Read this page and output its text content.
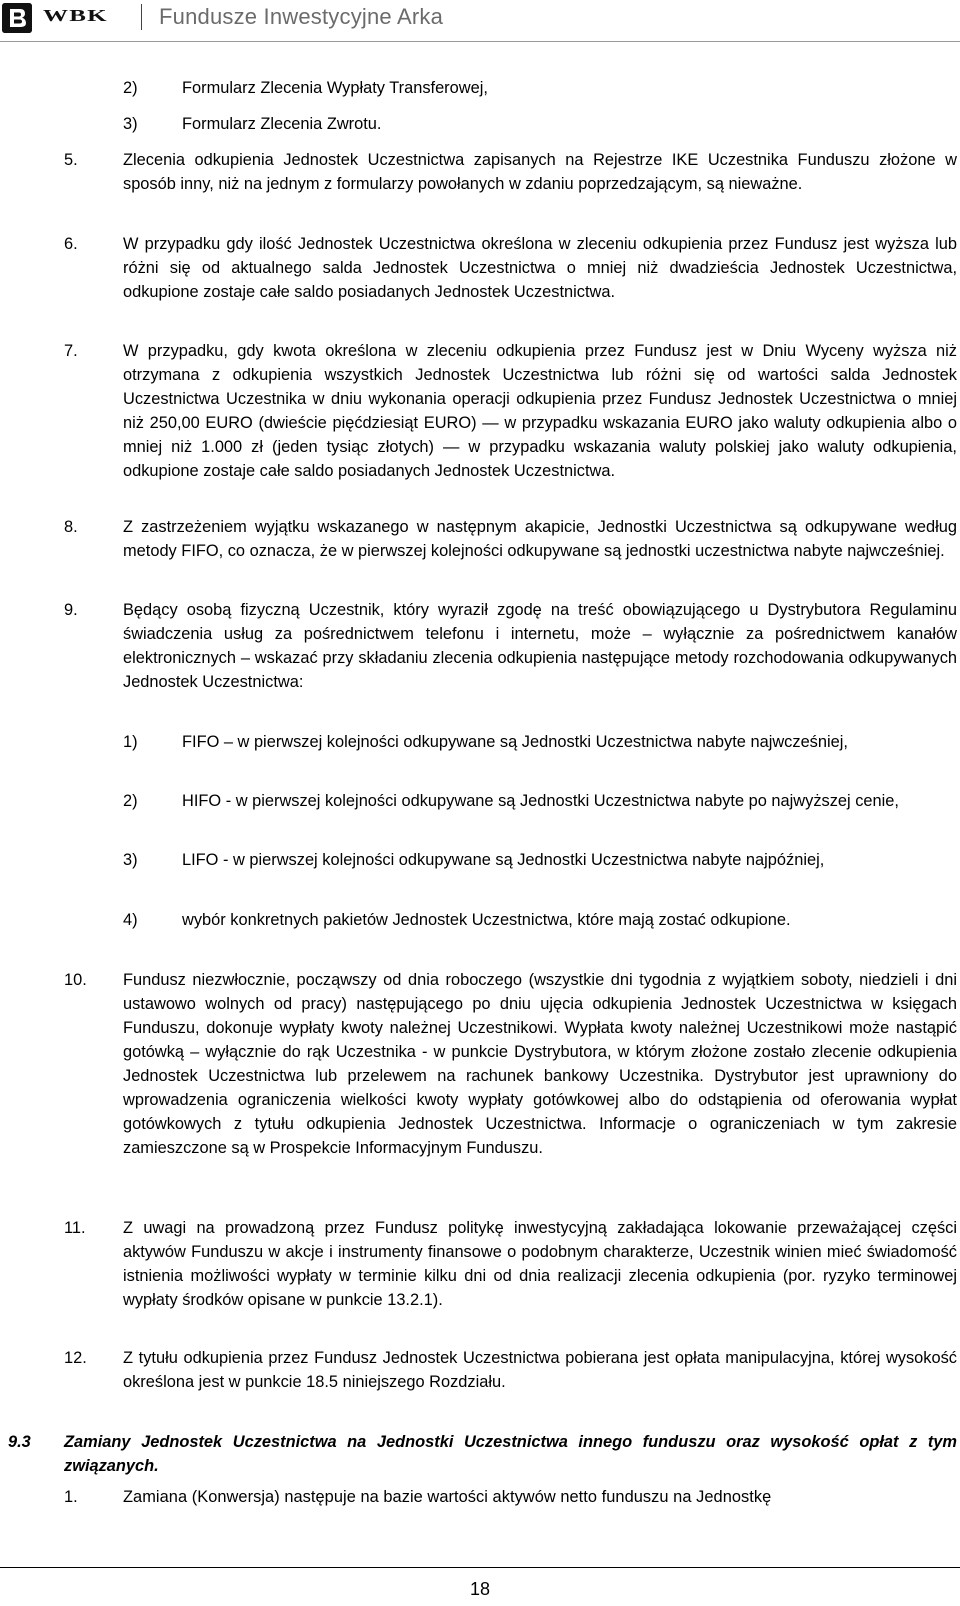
WBK Fundusze Inwestycyjne Arka
2)	Formularz Zlecenia Wypłaty Transferowej,
3)	Formularz Zlecenia Zwrotu.
5.	Zlecenia odkupienia Jednostek Uczestnictwa zapisanych na Rejestrze IKE Uczestnika Funduszu złożone w sposób inny, niż na jednym z formularzy powołanych w zdaniu poprzedzającym, są nieważne.
6.	W przypadku gdy ilość Jednostek Uczestnictwa określona w zleceniu odkupienia przez Fundusz jest wyższa lub różni się od aktualnego salda Jednostek Uczestnictwa o mniej niż dwadzieścia Jednostek Uczestnictwa, odkupione zostaje całe saldo posiadanych Jednostek Uczestnictwa.
7.	W przypadku, gdy kwota określona w zleceniu odkupienia przez Fundusz jest w Dniu Wyceny wyższa niż otrzymana z odkupienia wszystkich Jednostek Uczestnictwa lub różni się od wartości salda Jednostek Uczestnictwa Uczestnika w dniu wykonania operacji odkupienia przez Fundusz Jednostek Uczestnictwa o mniej niż 250,00 EURO (dwieście pięćdziesiąt EURO) — w przypadku wskazania EURO jako waluty odkupienia albo o mniej niż 1.000 zł (jeden tysiąc złotych) — w przypadku wskazania waluty polskiej jako waluty odkupienia, odkupione zostaje całe saldo posiadanych Jednostek Uczestnictwa.
8.	Z zastrzeżeniem wyjątku wskazanego w następnym akapicie, Jednostki Uczestnictwa są odkupywane według metody FIFO, co oznacza, że w pierwszej kolejności odkupywane są jednostki uczestnictwa nabyte najwcześniej.
9.	Będący osobą fizyczną Uczestnik, który wyraził zgodę na treść obowiązującego u Dystrybutora Regulaminu świadczenia usług za pośrednictwem telefonu i internetu, może – wyłącznie za pośrednictwem kanałów elektronicznych – wskazać przy składaniu zlecenia odkupienia następujące metody rozchodowania odkupywanych Jednostek Uczestnictwa:
1)	FIFO – w pierwszej kolejności odkupywane są Jednostki Uczestnictwa nabyte najwcześniej,
2)	HIFO - w pierwszej kolejności odkupywane są Jednostki Uczestnictwa nabyte po najwyższej cenie,
3)	LIFO - w pierwszej kolejności odkupywane są Jednostki Uczestnictwa nabyte najpóźniej,
4)	wybór konkretnych pakietów Jednostek Uczestnictwa, które mają zostać odkupione.
10. Fundusz niezwłocznie, począwszy od dnia roboczego (wszystkie dni tygodnia z wyjątkiem soboty, niedzieli i dni ustawowo wolnych od pracy) następującego po dniu ujęcia odkupienia Jednostek Uczestnictwa w księgach Funduszu, dokonuje wypłaty kwoty należnej Uczestnikowi. Wypłata kwoty należnej Uczestnikowi może nastąpić gotówką – wyłącznie do rąk Uczestnika - w punkcie Dystrybutora, w którym złożone zostało zlecenie odkupienia Jednostek Uczestnictwa lub przelewem na rachunek bankowy Uczestnika. Dystrybutor jest uprawniony do wprowadzenia ograniczenia wielkości kwoty wypłaty gotówkowej albo do odstąpienia od oferowania wypłat gotówkowych z tytułu odkupienia Jednostek Uczestnictwa. Informacje o ograniczeniach w tym zakresie zamieszczone są w Prospekcie Informacyjnym Funduszu.
11. Z uwagi na prowadzoną przez Fundusz politykę inwestycyjną zakładająca lokowanie przeważającej części aktywów Funduszu w akcje i instrumenty finansowe o podobnym charakterze, Uczestnik winien mieć świadomość istnienia możliwości wypłaty w terminie kilku dni od dnia realizacji zlecenia odkupienia (por. ryzyko terminowej wypłaty środków opisane w punkcie 13.2.1).
12. Z tytułu odkupienia przez Fundusz Jednostek Uczestnictwa pobierana jest opłata manipulacyjna, której wysokość określona jest w punkcie 18.5 niniejszego Rozdziału.
9.3 Zamiany Jednostek Uczestnictwa na Jednostki Uczestnictwa innego funduszu oraz wysokość opłat z tym związanych.
1.	Zamiana (Konwersja) następuje na bazie wartości aktywów netto funduszu na Jednostkę
18
